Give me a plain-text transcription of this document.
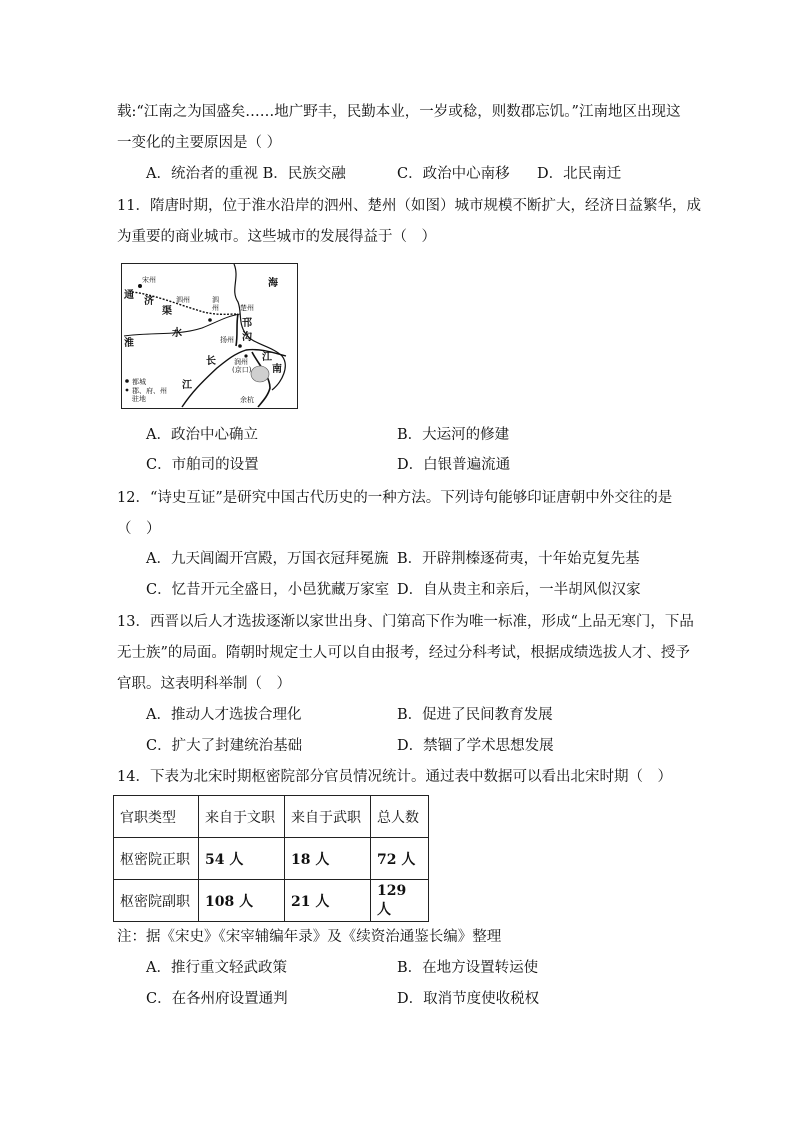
载:“江南之为国盛矣……地广野丰，民勤本业，一岁或稔，则数郡忘饥。”江南地区出现这
一变化的主要原因是（ ）
A．统治者的重视 B．民族交融	C．政治中心南移 D．北民南迁
11．隋唐时期，位于淮水沿岸的泗州、楚州（如图）城市规模不断扩大，经济日益繁华，成
为重要的商业城市。这些城市的发展得益于（　）
宋州
通
济
渠
泗州	泗
州
淮
水
楚州
海
邗
沟
扬州
润州
(京口)
长
江
江
南
余杭
都城
郡、府、州
驻地
A．政治中心确立	B．大运河的修建
C．市舶司的设置	D．白银普遍流通
12．“诗史互证”是研究中国古代历史的一种方法。下列诗句能够印证唐朝中外交往的是
（　）
A．九天阊阖开宫殿，万国衣冠拜冕旒 B．开辟荆榛逐荷夷，十年始克复先基
C．忆昔开元全盛日，小邑犹藏万家室 D．自从贵主和亲后，一半胡风似汉家
13．西晋以后人才选拔逐渐以家世出身、门第高下作为唯一标准，形成“上品无寒门，下品
无士族”的局面。隋朝时规定士人可以自由报考，经过分科考试，根据成绩选拔人才、授予
官职。这表明科举制（　）
A．推动人才选拔合理化	B．促进了民间教育发展
C．扩大了封建统治基础	D．禁锢了学术思想发展
14．下表为北宋时期枢密院部分官员情况统计。通过表中数据可以看出北宋时期（　）
官职类型	来自于文职	来自于武职	总人数
枢密院正职	54 人	18 人	72 人
枢密院副职	108 人	21 人	129 人
注：据《宋史》《宋宰辅编年录》及《续资治通鉴长编》整理
A．推行重文轻武政策	B．在地方设置转运使
C．在各州府设置通判	D．取消节度使收税权
